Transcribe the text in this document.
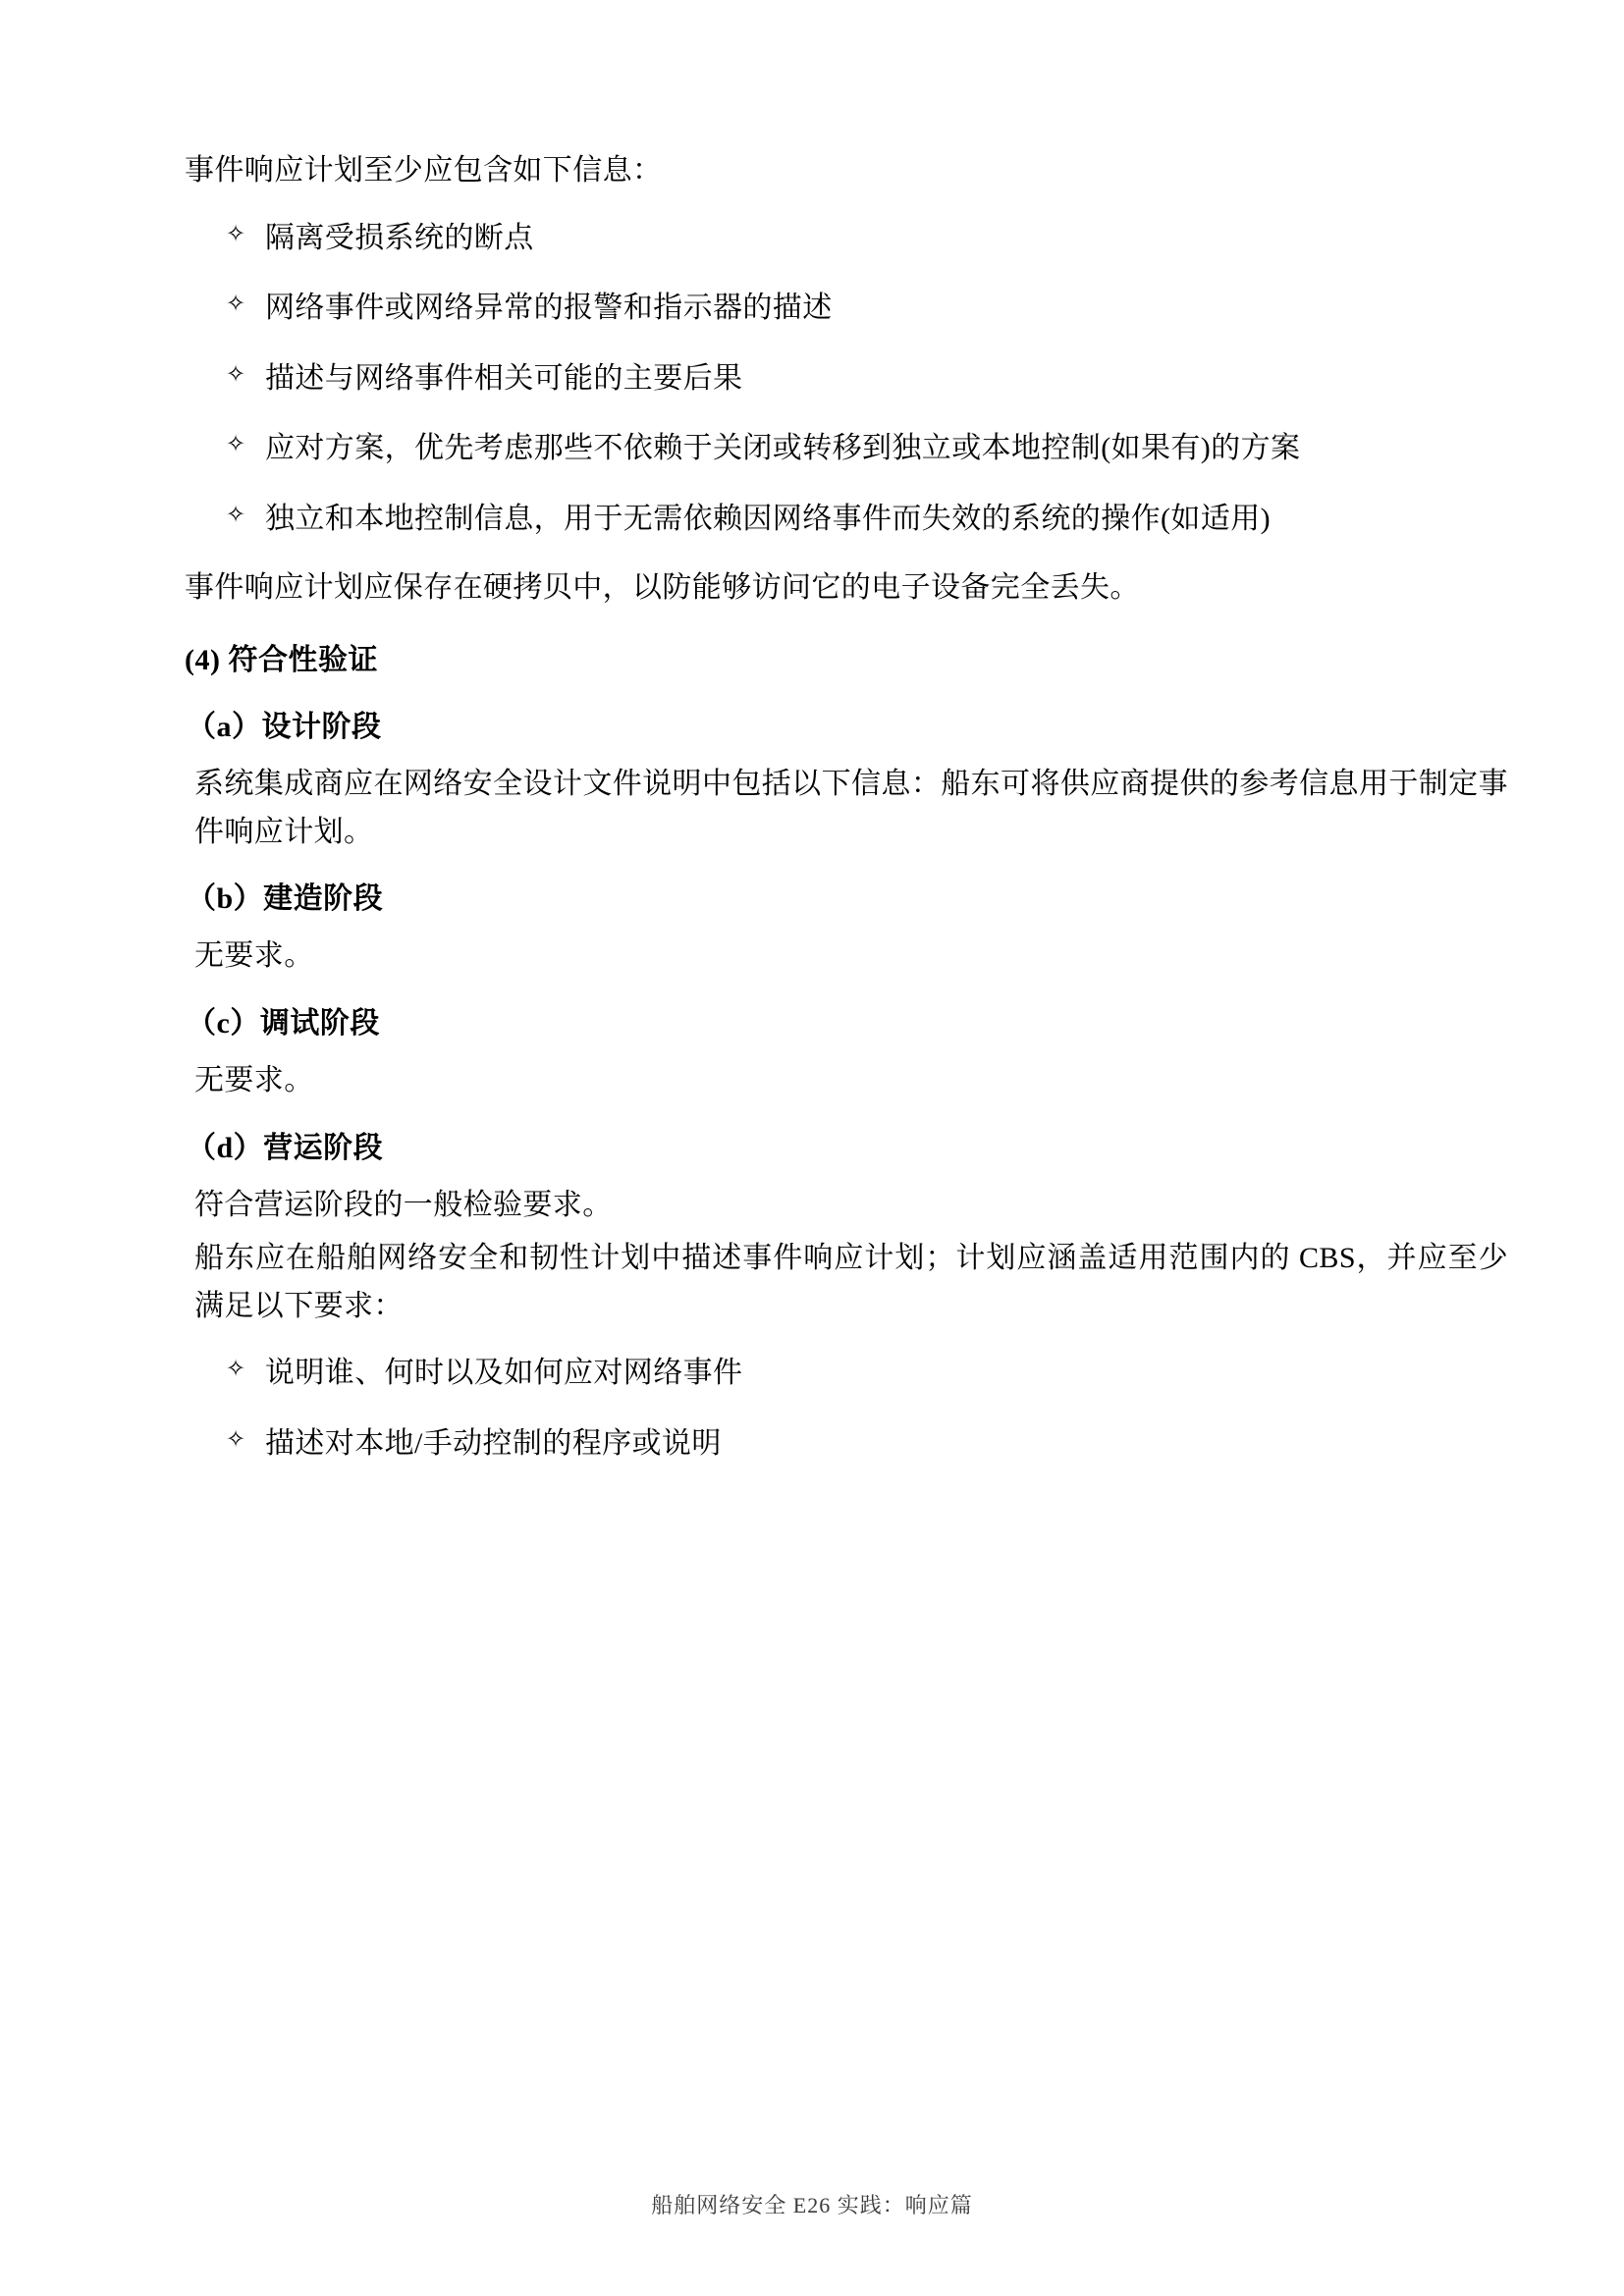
事件响应计划至少应包含如下信息：

✧ 隔离受损系统的断点
✧ 网络事件或网络异常的报警和指示器的描述
✧ 描述与网络事件相关可能的主要后果
✧ 应对方案，优先考虑那些不依赖于关闭或转移到独立或本地控制(如果有)的方案
✧ 独立和本地控制信息，用于无需依赖因网络事件而失效的系统的操作(如适用)

事件响应计划应保存在硬拷贝中，以防能够访问它的电子设备完全丢失。

(4) 符合性验证

（a）设计阶段

系统集成商应在网络安全设计文件说明中包括以下信息：船东可将供应商提供的参考信息用于制定事件响应计划。

（b）建造阶段

无要求。

（c）调试阶段

无要求。

（d）营运阶段

符合营运阶段的一般检验要求。

船东应在船舶网络安全和韧性计划中描述事件响应计划；计划应涵盖适用范围内的 CBS，并应至少满足以下要求：

✧ 说明谁、何时以及如何应对网络事件
✧ 描述对本地/手动控制的程序或说明
船舶网络安全 E26 实践：响应篇
